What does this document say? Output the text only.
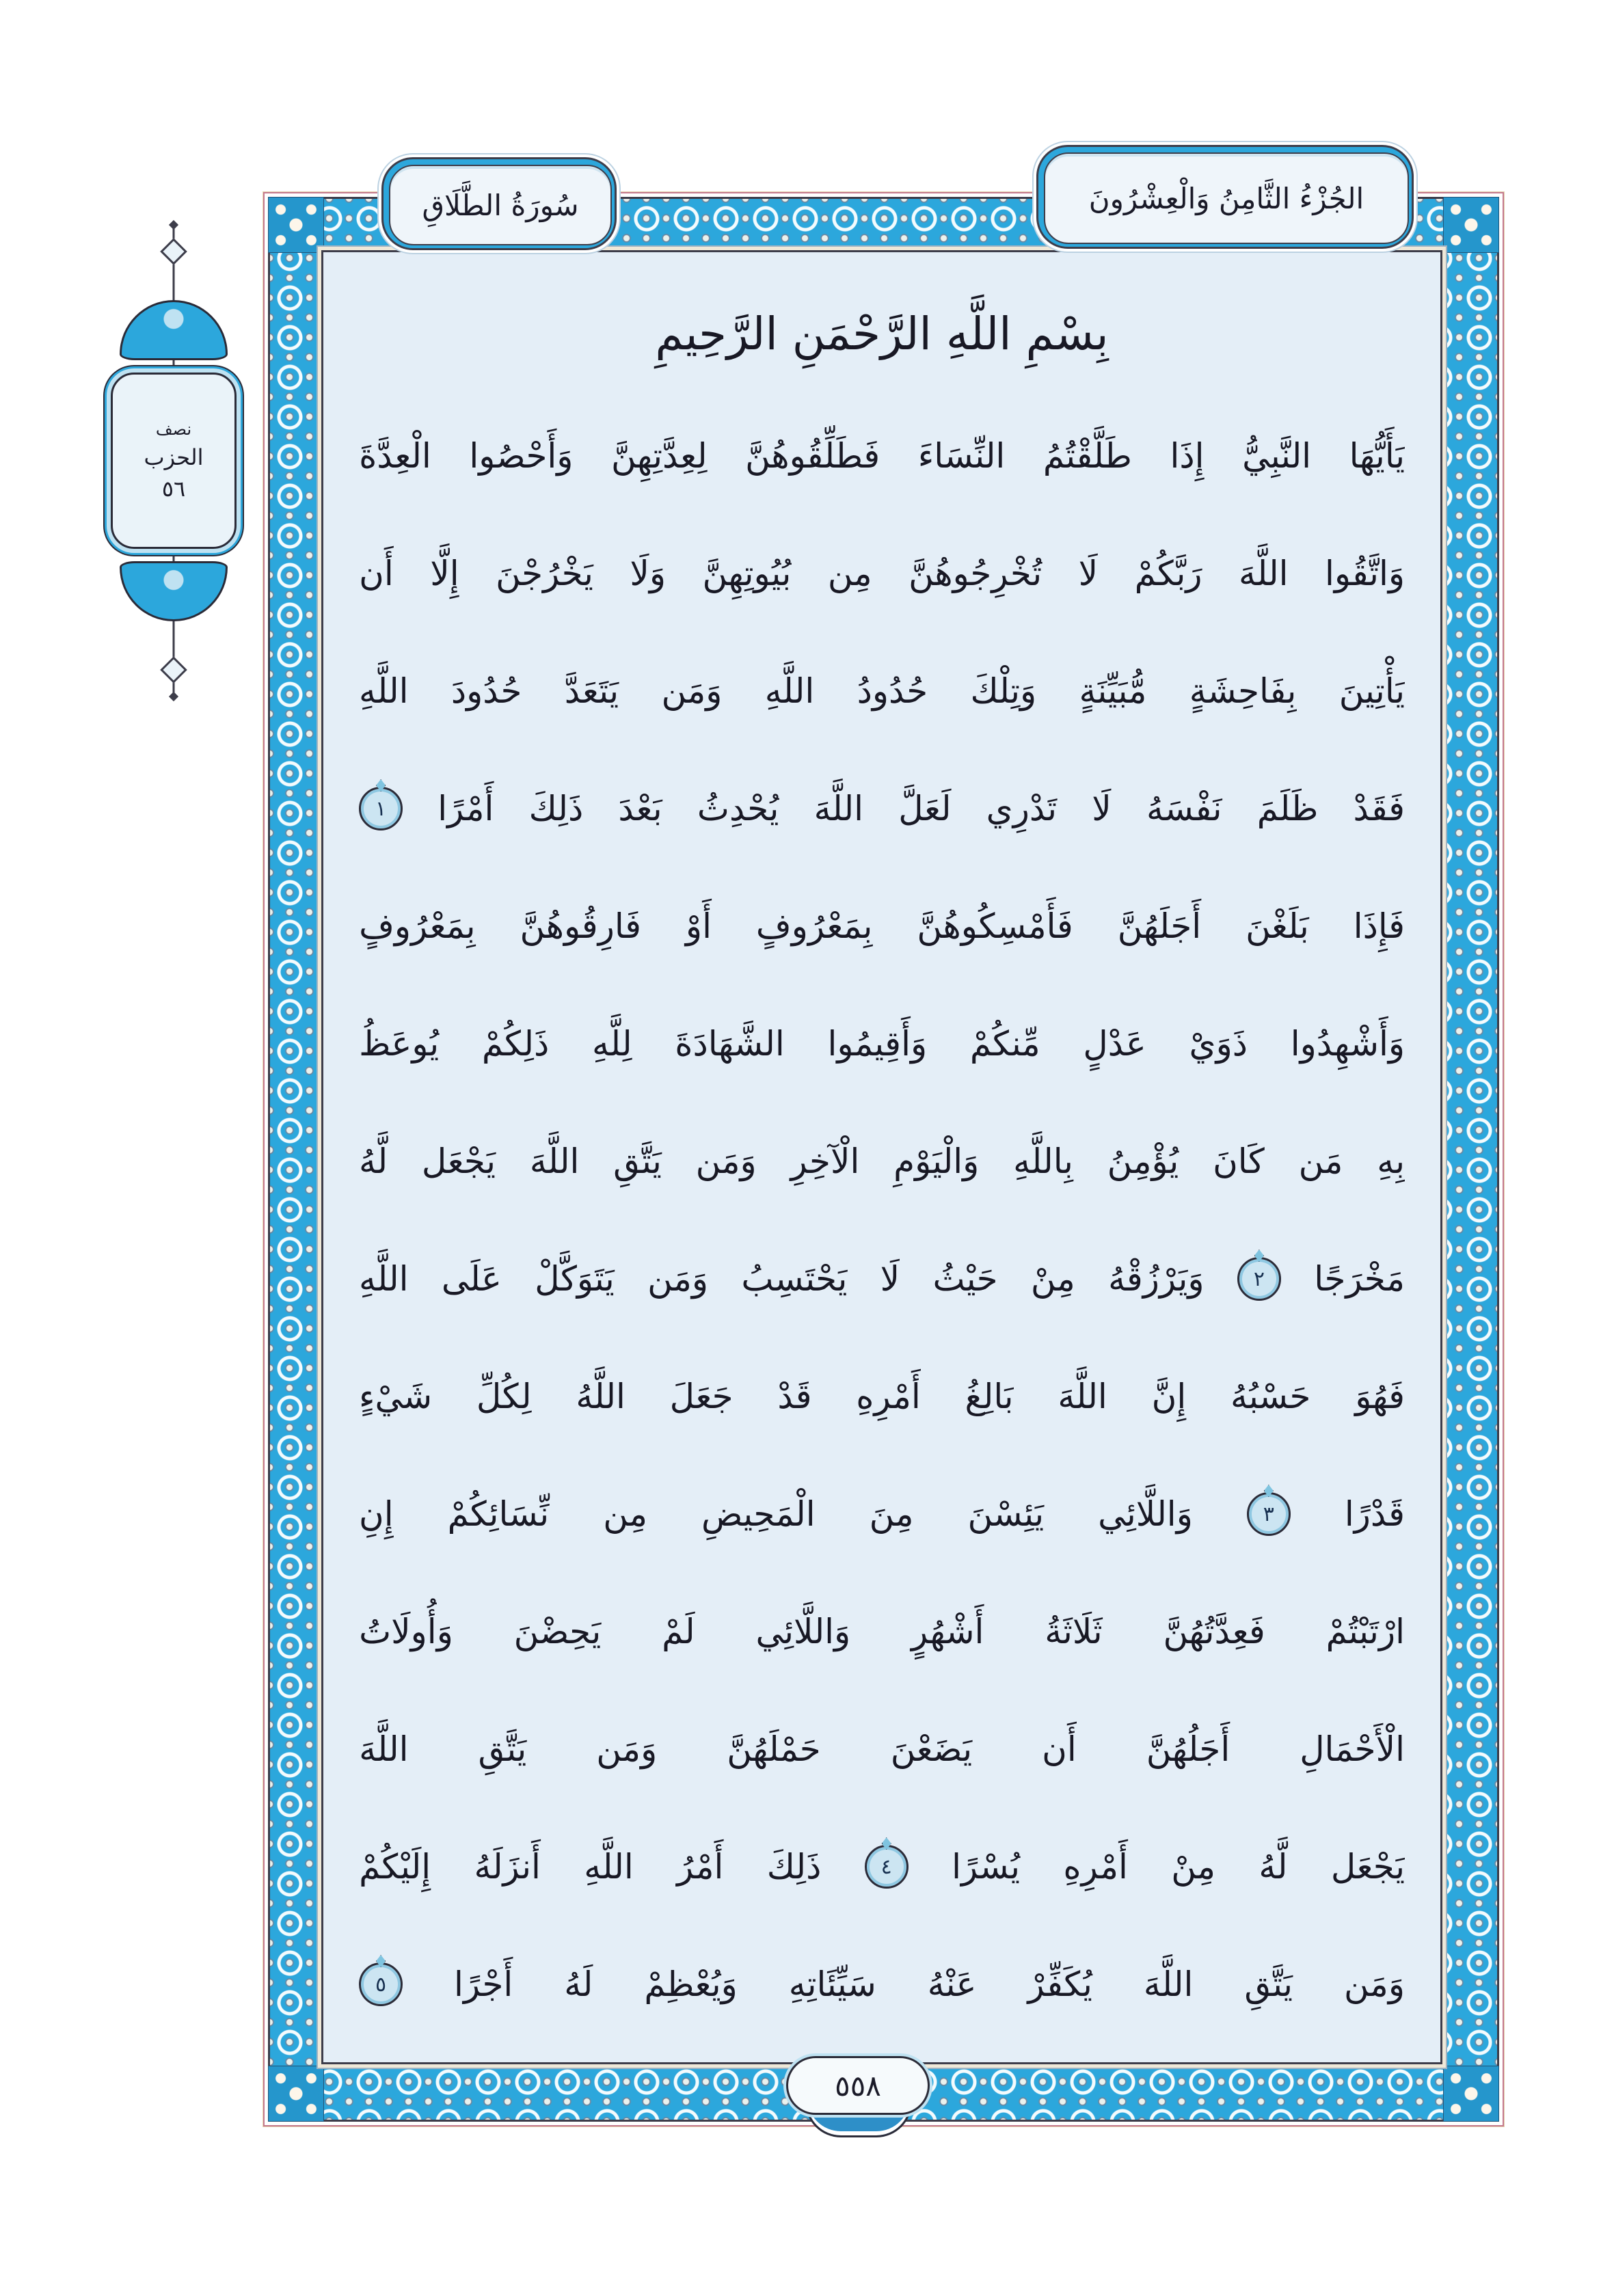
بِسْمِ اللَّهِ الرَّحْمَنِ الرَّحِيمِ
يَأَيُّهَا
النَّبِيُّ
إِذَا
طَلَّقْتُمُ
النِّسَاءَ
فَطَلِّقُوهُنَّ
لِعِدَّتِهِنَّ
وَأَحْصُوا
الْعِدَّةَ
وَاتَّقُوا
اللَّهَ
رَبَّكُمْ
لَا
تُخْرِجُوهُنَّ
مِن
بُيُوتِهِنَّ
وَلَا
يَخْرُجْنَ
إِلَّا
أَن
يَأْتِينَ
بِفَاحِشَةٍ
مُّبَيِّنَةٍ
وَتِلْكَ
حُدُودُ
اللَّهِ
وَمَن
يَتَعَدَّ
حُدُودَ
اللَّهِ
فَقَدْ
ظَلَمَ
نَفْسَهُ
لَا
تَدْرِي
لَعَلَّ
اللَّهَ
يُحْدِثُ
بَعْدَ
ذَلِكَ
أَمْرًا
١
فَإِذَا
بَلَغْنَ
أَجَلَهُنَّ
فَأَمْسِكُوهُنَّ
بِمَعْرُوفٍ
أَوْ
فَارِقُوهُنَّ
بِمَعْرُوفٍ
وَأَشْهِدُوا
ذَوَيْ
عَدْلٍ
مِّنكُمْ
وَأَقِيمُوا
الشَّهَادَةَ
لِلَّهِ
ذَلِكُمْ
يُوعَظُ
بِهِ
مَن
كَانَ
يُؤْمِنُ
بِاللَّهِ
وَالْيَوْمِ
الْآخِرِ
وَمَن
يَتَّقِ
اللَّهَ
يَجْعَل
لَّهُ
مَخْرَجًا
٢
وَيَرْزُقْهُ
مِنْ
حَيْثُ
لَا
يَحْتَسِبُ
وَمَن
يَتَوَكَّلْ
عَلَى
اللَّهِ
فَهُوَ
حَسْبُهُ
إِنَّ
اللَّهَ
بَالِغُ
أَمْرِهِ
قَدْ
جَعَلَ
اللَّهُ
لِكُلِّ
شَيْءٍ
قَدْرًا
٣
وَاللَّائِي
يَئِسْنَ
مِنَ
الْمَحِيضِ
مِن
نِّسَائِكُمْ
إِنِ
ارْتَبْتُمْ
فَعِدَّتُهُنَّ
ثَلَاثَةُ
أَشْهُرٍ
وَاللَّائِي
لَمْ
يَحِضْنَ
وَأُولَاتُ
الْأَحْمَالِ
أَجَلُهُنَّ
أَن
يَضَعْنَ
حَمْلَهُنَّ
وَمَن
يَتَّقِ
اللَّهَ
يَجْعَل
لَّهُ
مِنْ
أَمْرِهِ
يُسْرًا
٤
ذَلِكَ
أَمْرُ
اللَّهِ
أَنزَلَهُ
إِلَيْكُمْ
وَمَن
يَتَّقِ
اللَّهَ
يُكَفِّرْ
عَنْهُ
سَيِّئَاتِهِ
وَيُعْظِمْ
لَهُ
أَجْرًا
٥
الجُزْءُ الثَّامِنُ وَالْعِشْرُونَ
سُورَةُ الطَّلَاقِ
نصف
الحزب
٥٦
٥٥٨
